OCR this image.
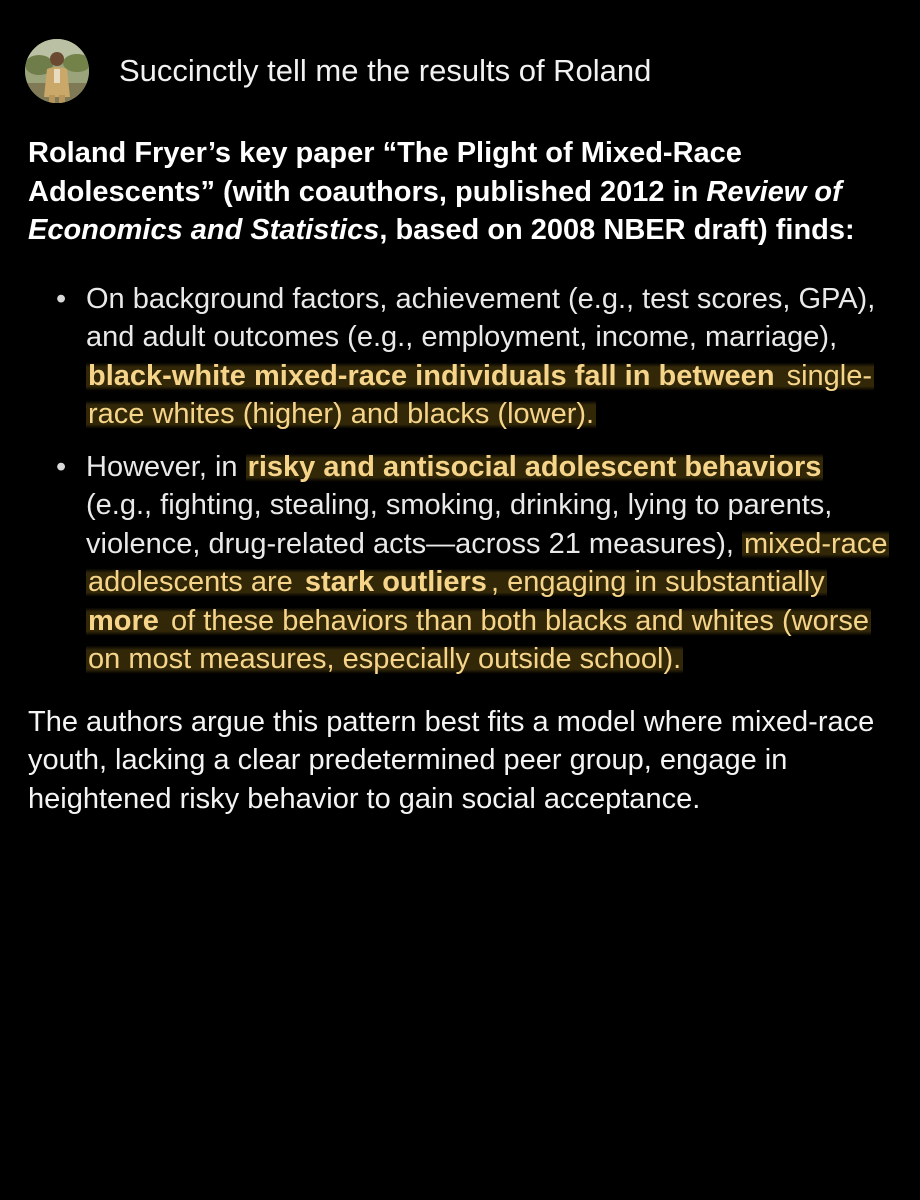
Succinctly tell me the results of Roland

Roland Fryer’s key paper “The Plight of Mixed-Race Adolescents” (with coauthors, published 2012 in Review of Economics and Statistics, based on 2008 NBER draft) finds:

• On background factors, achievement (e.g., test scores, GPA), and adult outcomes (e.g., employment, income, marriage), black-white mixed-race individuals fall in between single-race whites (higher) and blacks (lower).
• However, in risky and antisocial adolescent behaviors (e.g., fighting, stealing, smoking, drinking, lying to parents, violence, drug-related acts—across 21 measures), mixed-race adolescents are stark outliers , engaging in substantially more of these behaviors than both blacks and whites (worse on most measures, especially outside school).

The authors argue this pattern best fits a model where mixed-race youth, lacking a clear predetermined peer group, engage in heightened risky behavior to gain social acceptance.
